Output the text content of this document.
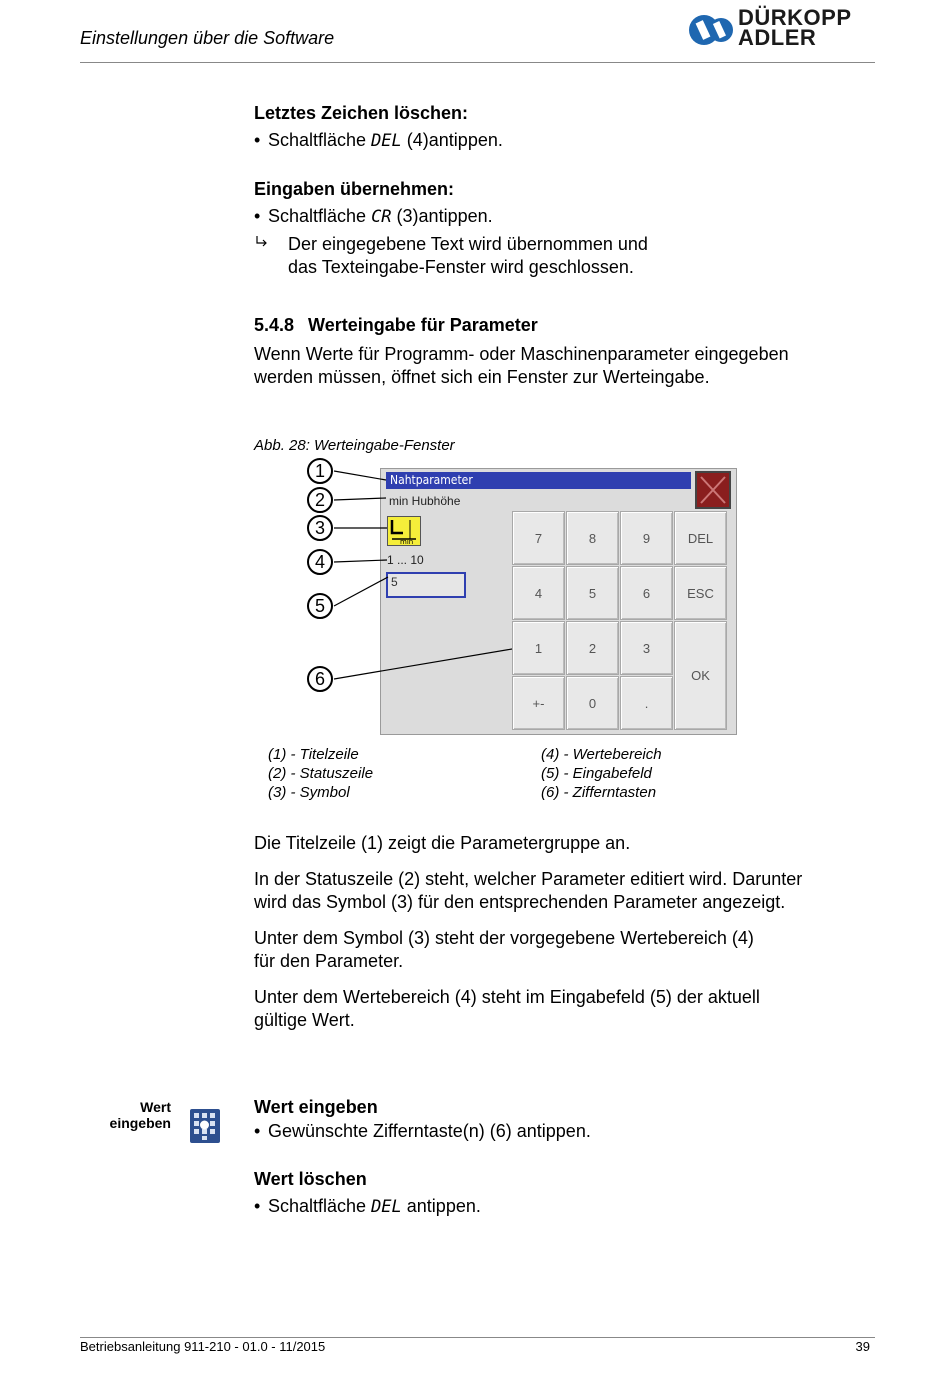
Einstellungen über die Software
DÜRKOPP
ADLER
Letztes Zeichen löschen:
• Schaltfläche DEL (4)antippen.
Eingaben übernehmen:
• Schaltfläche CR (3)antippen.
Der eingegebene Text wird übernommen und
das Texteingabe-Fenster wird geschlossen.
5.4.8 Werteingabe für Parameter
Wenn Werte für Programm- oder Maschinenparameter eingegeben
werden müssen, öffnet sich ein Fenster zur Werteingabe.
Abb. 28: Werteingabe-Fenster
Nahtparameter
min Hubhöhe
min
1 ... 10
5
7	8	9	DEL
4	5	6	ESC
1	2	3
OK
+-	0	.
1
2
3
4
5
6
(1) - Titelzeile
(2) - Statuszeile
(3) - Symbol
(4) - Wertebereich
(5) - Eingabefeld
(6) - Zifferntasten
Die Titelzeile (1) zeigt die Parametergruppe an.
In der Statuszeile (2) steht, welcher Parameter editiert wird. Darunter
wird das Symbol (3) für den entsprechenden Parameter angezeigt.
Unter dem Symbol (3) steht der vorgegebene Wertebereich (4)
für den Parameter.
Unter dem Wertebereich (4) steht im Eingabefeld (5) der aktuell
gültige Wert.
Wert
eingeben
Wert eingeben
• Gewünschte Zifferntaste(n) (6) antippen.
Wert löschen
• Schaltfläche DEL antippen.
Betriebsanleitung 911-210 - 01.0 - 11/2015	39
